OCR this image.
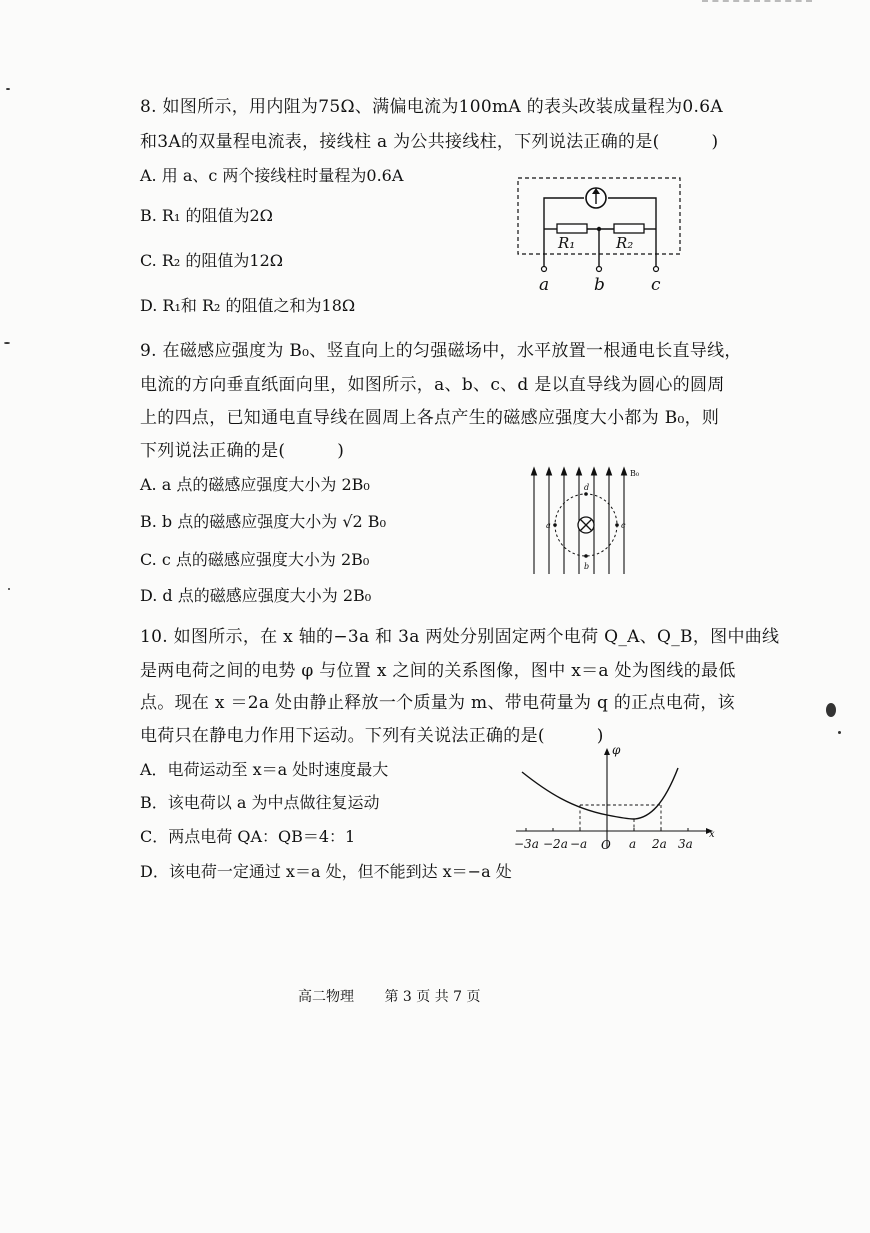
8. 如图所示，用内阻为75Ω、满偏电流为100mA 的表头改装成量程为0.6A
和3A的双量程电流表，接线柱 a 为公共接线柱，下列说法正确的是(　　　)
A. 用 a、c 两个接线柱时量程为0.6A
B. R₁ 的阻值为2Ω
C. R₂ 的阻值为12Ω
D. R₁和 R₂ 的阻值之和为18Ω
R₁	R₂
a	b	c
9. 在磁感应强度为 B₀、竖直向上的匀强磁场中，水平放置一根通电长直导线，
电流的方向垂直纸面向里，如图所示，a、b、c、d 是以直导线为圆心的圆周
上的四点，已知通电直导线在圆周上各点产生的磁感应强度大小都为 B₀，则
下列说法正确的是(　　　)
A. a 点的磁感应强度大小为 2B₀
B. b 点的磁感应强度大小为 √2 B₀
C. c 点的磁感应强度大小为 2B₀
D. d 点的磁感应强度大小为 2B₀
B₀
a
b
c
d
10. 如图所示，在 x 轴的−3a 和 3a 两处分别固定两个电荷 Q_A、Q_B，图中曲线
是两电荷之间的电势 φ 与位置 x 之间的关系图像，图中 x＝a 处为图线的最低
点。现在 x ＝2a 处由静止释放一个质量为 m、带电荷量为 q 的正点电荷，该
电荷只在静电力作用下运动。下列有关说法正确的是(　　　)
A．电荷运动至 x＝a 处时速度最大
B．该电荷以 a 为中点做往复运动
C．两点电荷 QA：QB＝4：1
D．该电荷一定通过 x＝a 处，但不能到达 x＝−a 处
φ
x
O
−3a −2a −a	a 2a 3a
高二物理 第 3 页 共 7 页
